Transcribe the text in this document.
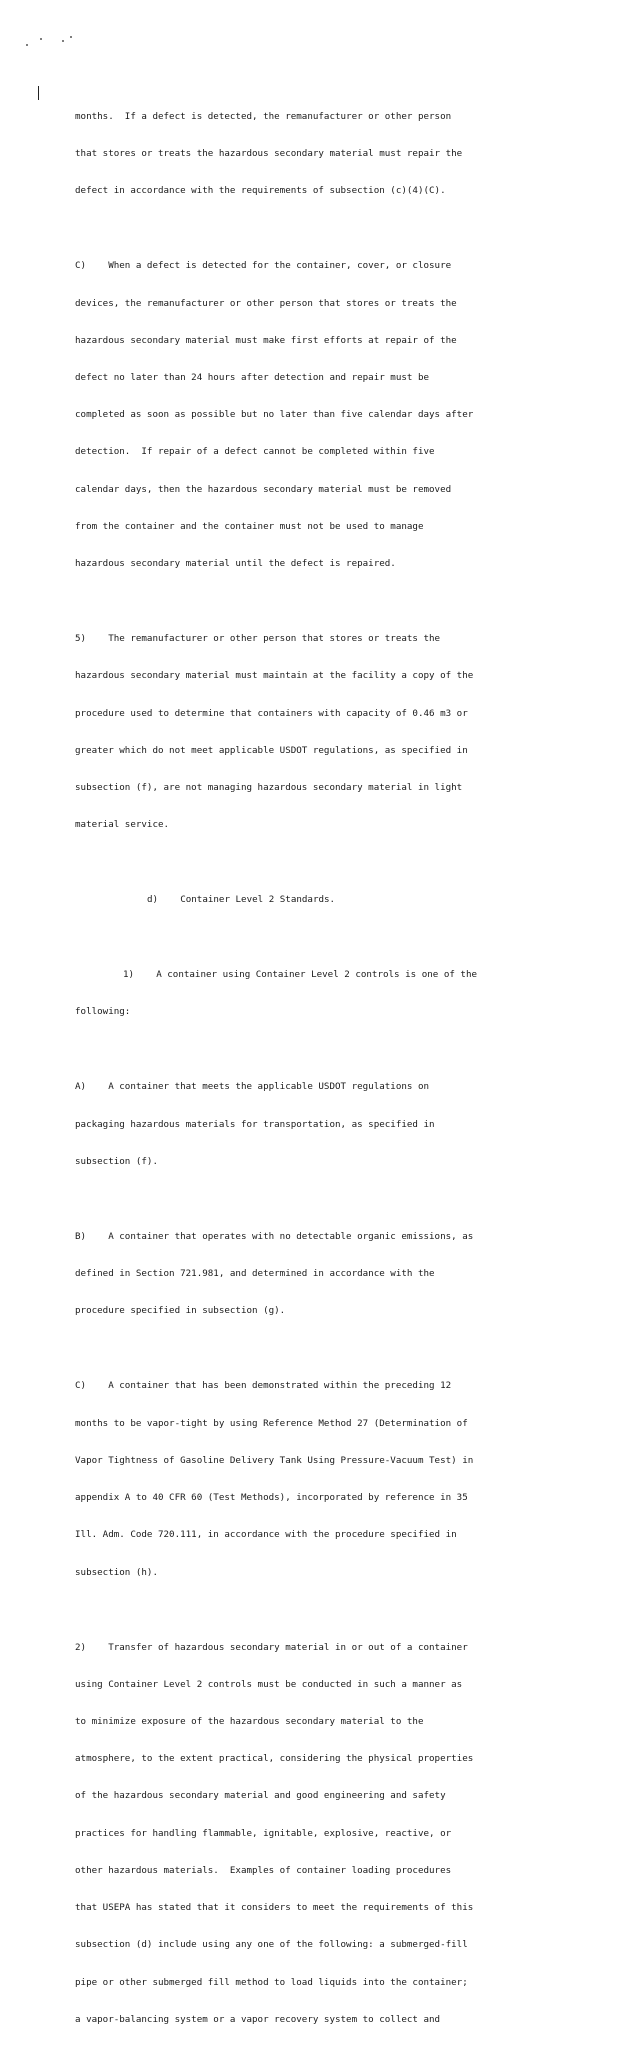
months.  If a defect is detected, the remanufacturer or other person

that stores or treats the hazardous secondary material must repair the

defect in accordance with the requirements of subsection (c)(4)(C).

C)    When a defect is detected for the container, cover, or closure

devices, the remanufacturer or other person that stores or treats the

hazardous secondary material must make first efforts at repair of the

defect no later than 24 hours after detection and repair must be

completed as soon as possible but no later than five calendar days after

detection.  If repair of a defect cannot be completed within five

calendar days, then the hazardous secondary material must be removed

from the container and the container must not be used to manage

hazardous secondary material until the defect is repaired.

5)    The remanufacturer or other person that stores or treats the

hazardous secondary material must maintain at the facility a copy of the

procedure used to determine that containers with capacity of 0.46 m3 or

greater which do not meet applicable USDOT regulations, as specified in

subsection (f), are not managing hazardous secondary material in light

material service.

d)    Container Level 2 Standards.

1)    A container using Container Level 2 controls is one of the

following:

A)    A container that meets the applicable USDOT regulations on

packaging hazardous materials for transportation, as specified in

subsection (f).

B)    A container that operates with no detectable organic emissions, as

defined in Section 721.981, and determined in accordance with the

procedure specified in subsection (g).

C)    A container that has been demonstrated within the preceding 12

months to be vapor-tight by using Reference Method 27 (Determination of

Vapor Tightness of Gasoline Delivery Tank Using Pressure-Vacuum Test) in

appendix A to 40 CFR 60 (Test Methods), incorporated by reference in 35

Ill. Adm. Code 720.111, in accordance with the procedure specified in

subsection (h).

2)    Transfer of hazardous secondary material in or out of a container

using Container Level 2 controls must be conducted in such a manner as

to minimize exposure of the hazardous secondary material to the

atmosphere, to the extent practical, considering the physical properties

of the hazardous secondary material and good engineering and safety

practices for handling flammable, ignitable, explosive, reactive, or

other hazardous materials.  Examples of container loading procedures

that USEPA has stated that it considers to meet the requirements of this

subsection (d) include using any one of the following: a submerged-fill

pipe or other submerged fill method to load liquids into the container;

a vapor-balancing system or a vapor recovery system to collect and
